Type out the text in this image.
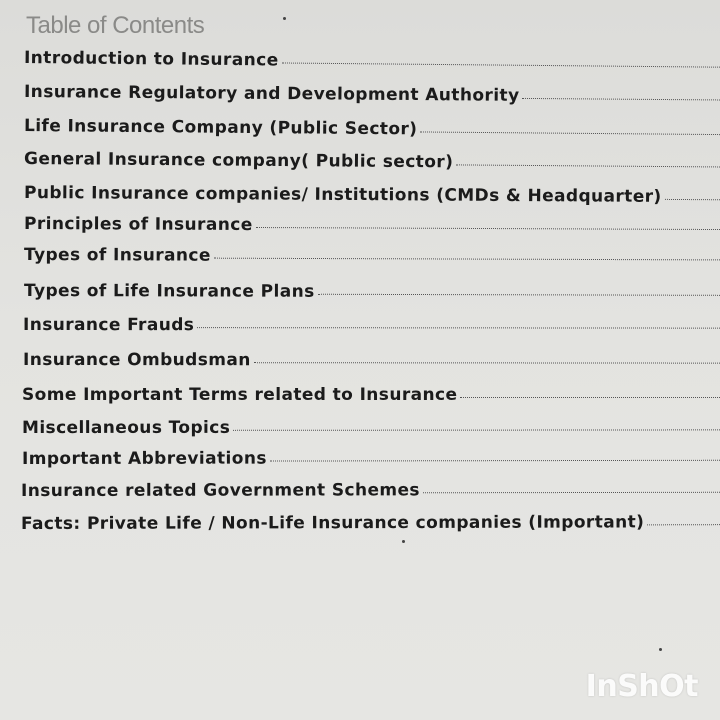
Table of Contents
Introduction to Insurance
Insurance Regulatory and Development Authority
Life Insurance Company (Public Sector)
General Insurance company( Public sector)
Public Insurance companies/ Institutions (CMDs & Headquarter)
Principles of Insurance
Types of Insurance
Types of Life Insurance Plans
Insurance Frauds
Insurance Ombudsman
Some Important Terms related to Insurance
Miscellaneous Topics
Important Abbreviations
Insurance related Government Schemes
Facts: Private Life / Non-Life Insurance companies (Important)
InShOt
